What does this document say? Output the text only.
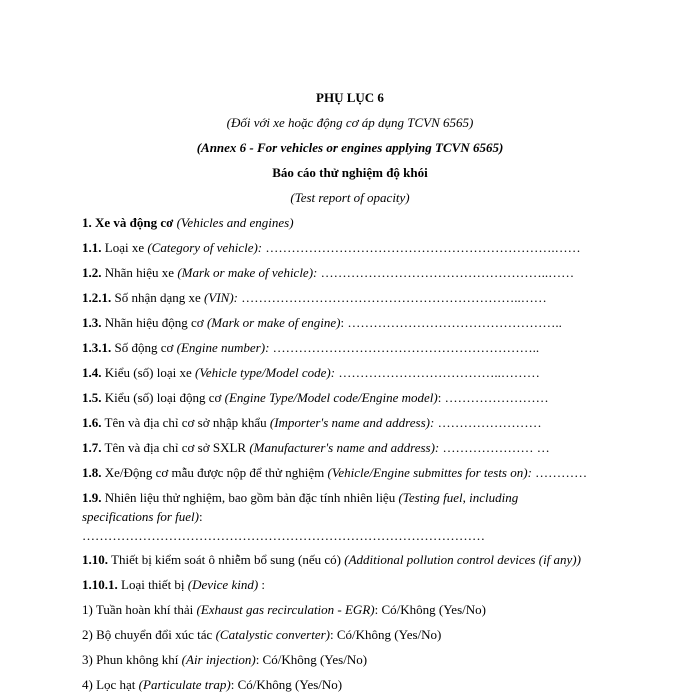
PHỤ LỤC 6
(Đối với xe hoặc động cơ áp dụng TCVN 6565)
(Annex 6 - For vehicles or engines applying TCVN 6565)
Báo cáo thử nghiệm độ khói
(Test report of opacity)
1. Xe và động cơ (Vehicles and engines)
1.1. Loại xe (Category of vehicle): ………………………………………………………….……
1.2. Nhãn hiệu xe (Mark or make of vehicle): ……………………………………………..……
1.2.1. Số nhận dạng xe (VIN): ………………………………………………………..……
1.3. Nhãn hiệu động cơ (Mark or make of engine): …………………………………………..
1.3.1. Số động cơ (Engine number): ……………………………………………………..
1.4. Kiểu (số) loại xe (Vehicle type/Model code): ………………………………..………
1.5. Kiểu (số) loại động cơ (Engine Type/Model code/Engine model): ……………………
1.6. Tên và địa chỉ cơ sở nhập khẩu (Importer's name and address): ……………………
1.7. Tên và địa chỉ cơ sở SXLR (Manufacturer's name and address): ………………… …
1.8. Xe/Động cơ mẫu được nộp để thử nghiệm (Vehicle/Engine submittes for tests on): …………
1.9. Nhiên liệu thử nghiệm, bao gồm bản đặc tính nhiên liệu (Testing fuel, including
specifications for fuel):
…………………………………………………………………………………
1.10. Thiết bị kiểm soát ô nhiễm bổ sung (nếu có) (Additional pollution control devices (if any))
1.10.1. Loại thiết bị (Device kind) :
1) Tuần hoàn khí thải (Exhaust gas recirculation - EGR): Có/Không (Yes/No)
2) Bộ chuyển đổi xúc tác (Catalystic converter): Có/Không (Yes/No)
3) Phun không khí (Air injection): Có/Không (Yes/No)
4) Lọc hạt (Particulate trap): Có/Không (Yes/No)
